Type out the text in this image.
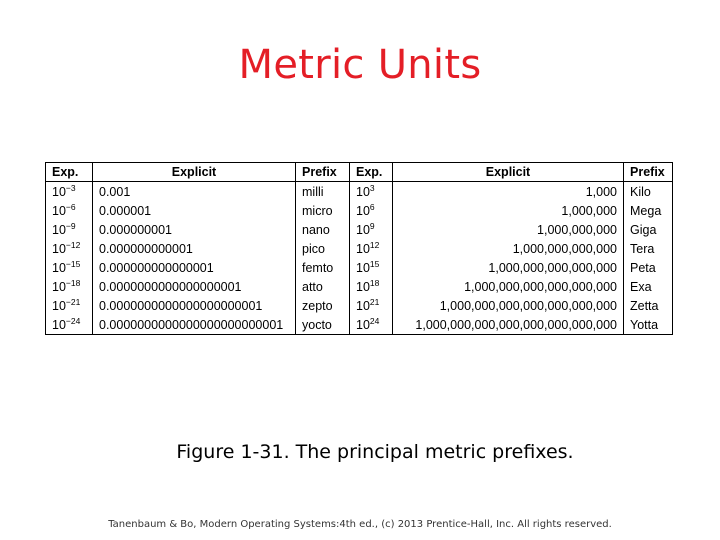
Metric Units
Exp.	Explicit	Prefix	Exp.	Explicit	Prefix
$10^{-3}$	0.001	milli	$10^3$	1,000	Kilo
$10^{-6}$	0.000001	micro	$10^6$	1,000,000	Mega
$10^{-9}$	0.000000001	nano	$10^9$	1,000,000,000	Giga
$10^{-12}$	0.000000000001	pico	$10^{12}$	1,000,000,000,000	Tera
$10^{-15}$	0.000000000000001	femto	$10^{15}$	1,000,000,000,000,000	Peta
$10^{-18}$	0.0000000000000000001	atto	$10^{18}$	1,000,000,000,000,000,000	Exa
$10^{-21}$	0.0000000000000000000001	zepto	$10^{21}$	1,000,000,000,000,000,000,000	Zetta
$10^{-24}$	0.0000000000000000000000001	yocto	$10^{24}$	1,000,000,000,000,000,000,000,000	Yotta
Figure 1-31. The principal metric prefixes.
Tanenbaum & Bo, Modern Operating Systems:4th ed., (c) 2013 Prentice-Hall, Inc. All rights reserved.
